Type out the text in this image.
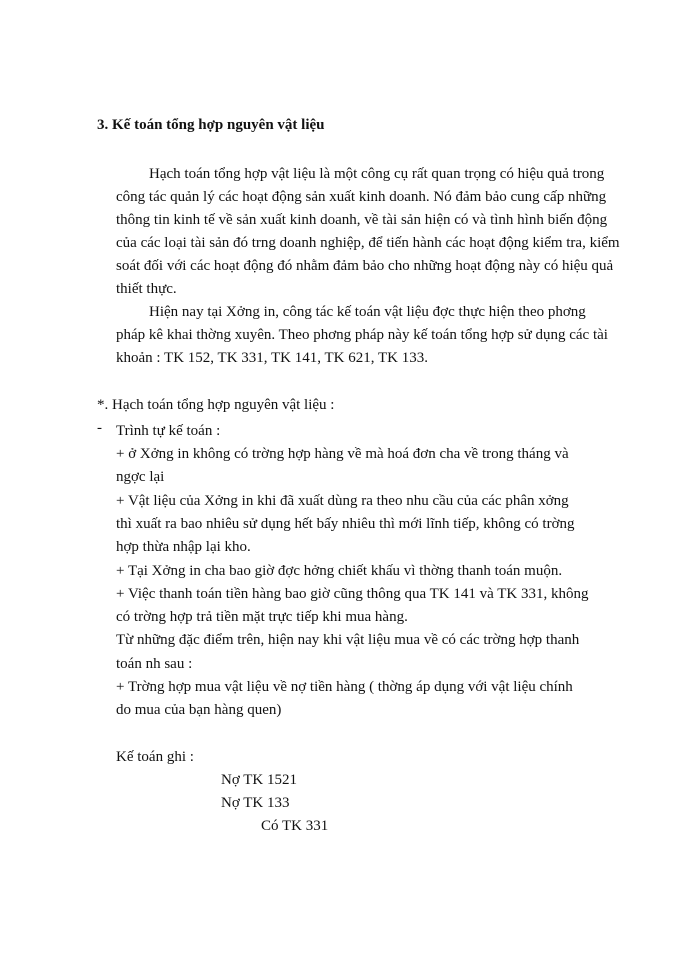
3. Kế toán tổng hợp nguyên vật liệu
Hạch toán tổng hợp vật liệu là một công cụ rất quan trọng có hiệu quả trong
công tác quản lý các hoạt động sản xuất kinh doanh. Nó đảm bảo cung cấp những
thông tin kinh tế về sản xuất kinh doanh, về tài sản hiện có và tình hình biến động
của các loại tài sản đó trng doanh nghiệp, để tiến hành các hoạt động kiểm tra, kiểm
soát đối với các hoạt động đó nhằm đảm bảo cho những hoạt động này có hiệu quả
thiết thực.
Hiện nay tại Xởng in, công tác kế toán vật liệu đợc thực hiện theo phơng
pháp kê khai thờng xuyên. Theo phơng pháp này kế toán tổng hợp sử dụng các tài
khoản : TK 152, TK 331, TK 141, TK 621, TK 133.
*. Hạch toán tổng hợp nguyên vật liệu :
- Trình tự kế toán :
+ ở Xởng in không có trờng hợp hàng về mà hoá đơn cha về trong tháng và
ngợc lại
+ Vật liệu của Xởng in khi đã xuất dùng ra theo nhu cầu của các phân xởng
thì xuất ra bao nhiêu sử dụng hết bấy nhiêu thì mới lĩnh tiếp, không có trờng
hợp thừa nhập lại kho.
+ Tại Xởng in cha bao giờ đợc hởng chiết khấu vì thờng thanh toán muộn.
+ Việc thanh toán tiền hàng bao giờ cũng thông qua TK 141 và TK 331, không
có trờng hợp trả tiền mặt trực tiếp khi mua hàng.
Từ những đặc điểm trên, hiện nay khi vật liệu mua về có các trờng hợp thanh
toán nh sau :
+ Trờng hợp mua vật liệu về nợ tiền hàng ( thờng áp dụng với vật liệu chính
do mua của bạn hàng quen)
Kế toán ghi :
Nợ TK 1521
Nợ TK 133
Có TK 331
